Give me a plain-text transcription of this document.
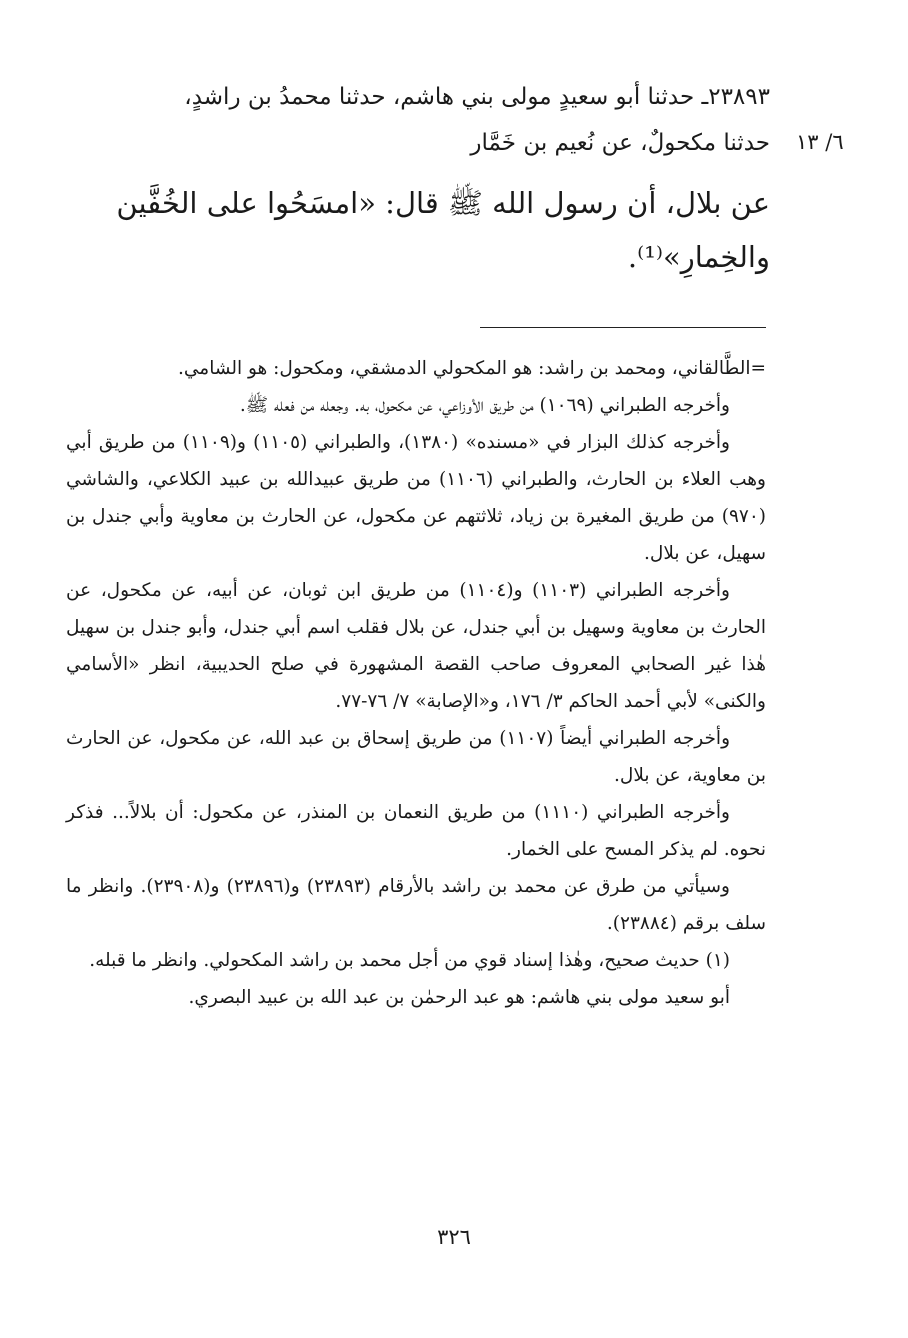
٢٣٨٩٣ـ حدثنا أبو سعيدٍ مولى بني هاشم، حدثنا محمدُ بن راشدٍ،
حدثنا مكحولٌ، عن نُعيم بن خَمَّار ٦/ ١٣
عن بلال، أن رسول الله ﷺ قال: «امسَحُوا على الخُفَّين
والخِمارِ»⁽¹⁾.

=الطَّالقاني، ومحمد بن راشد: هو المكحولي الدمشقي، ومكحول: هو الشامي.

وأخرجه الطبراني (١٠٦٩) من طريق الأوزاعي، عن مكحول، به. وجعله من فعله ﷺ.

وأخرجه كذلك البزار في «مسنده» (١٣٨٠)، والطبراني (١١٠٥) و(١١٠٩) من طريق أبي وهب العلاء بن الحارث، والطبراني (١١٠٦) من طريق عبيدالله بن عبيد الكلاعي، والشاشي (٩٧٠) من طريق المغيرة بن زياد، ثلاثتهم عن مكحول، عن الحارث بن معاوية وأبي جندل بن سهيل، عن بلال.

وأخرجه الطبراني (١١٠٣) و(١١٠٤) من طريق ابن ثوبان، عن أبيه، عن مكحول، عن الحارث بن معاوية وسهيل بن أبي جندل، عن بلال فقلب اسم أبي جندل، وأبو جندل بن سهيل هٰذا غير الصحابي المعروف صاحب القصة المشهورة في صلح الحديبية، انظر «الأسامي والكنى» لأبي أحمد الحاكم ٣/ ١٧٦، و«الإصابة» ٧/ ٧٦-٧٧.

وأخرجه الطبراني أيضاً (١١٠٧) من طريق إسحاق بن عبد الله، عن مكحول، عن الحارث بن معاوية، عن بلال.

وأخرجه الطبراني (١١١٠) من طريق النعمان بن المنذر، عن مكحول: أن بلالاً... فذكر نحوه. لم يذكر المسح على الخمار.

وسيأتي من طرق عن محمد بن راشد بالأرقام (٢٣٨٩٣) و(٢٣٨٩٦) و(٢٣٩٠٨). وانظر ما سلف برقم (٢٣٨٨٤).

(١) حديث صحيح، وهٰذا إسناد قوي من أجل محمد بن راشد المكحولي. وانظر ما قبله.

أبو سعيد مولى بني هاشم: هو عبد الرحمٰن بن عبد الله بن عبيد البصري.

٣٢٦
